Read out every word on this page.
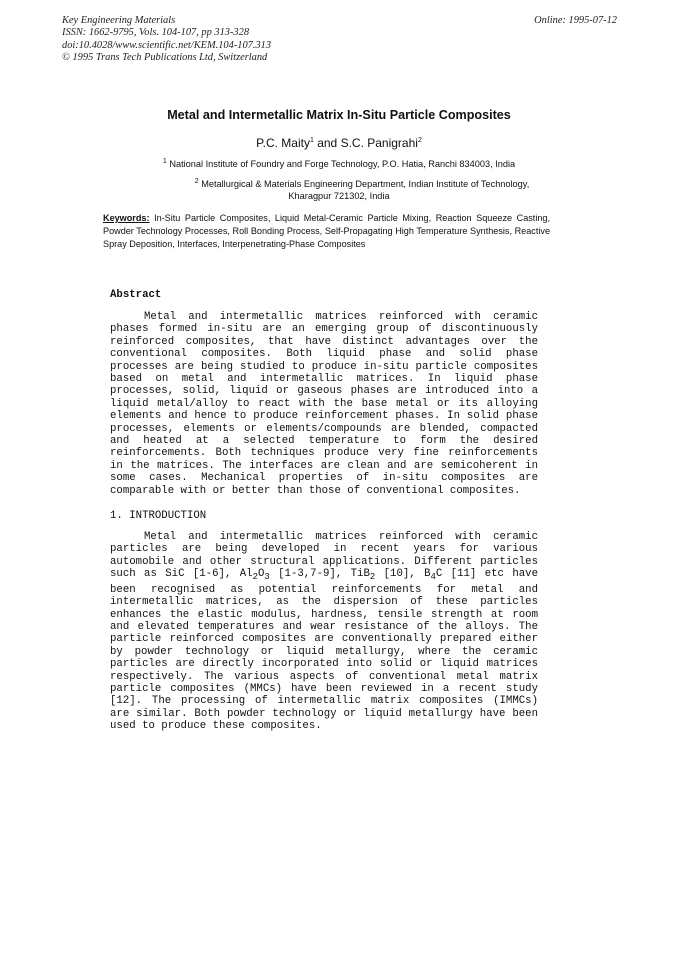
Key Engineering Materials
ISSN: 1662-9795, Vols. 104-107, pp 313-328
doi:10.4028/www.scientific.net/KEM.104-107.313
© 1995 Trans Tech Publications Ltd, Switzerland
Online: 1995-07-12
Metal and Intermetallic Matrix In-Situ Particle Composites
P.C. Maity$^1$ and S.C. Panigrahi$^2$
$^1$ National Institute of Foundry and Forge Technology, P.O. Hatia, Ranchi 834003, India
$^2$ Metallurgical & Materials Engineering Department, Indian Institute of Technology,
Kharagpur 721302, India
Keywords: In-Situ Particle Composites, Liquid Metal-Ceramic Particle Mixing, Reaction Squeeze Casting, Powder Technology Processes, Roll Bonding Process, Self-Propagating High Temperature Synthesis, Reactive Spray Deposition, Interfaces, Interpenetrating-Phase Composites
Abstract

Metal and intermetallic matrices reinforced with ceramic phases formed in-situ are an emerging group of discontinuously reinforced composites, that have distinct advantages over the conventional composites. Both liquid phase and solid phase processes are being studied to produce in-situ particle composites based on metal and intermetallic matrices. In liquid phase processes, solid, liquid or gaseous phases are introduced into a liquid metal/alloy to react with the base metal or its alloying elements and hence to produce reinforcement phases. In solid phase processes, elements or elements/compounds are blended, compacted and heated at a selected temperature to form the desired reinforcements. Both techniques produce very fine reinforcements in the matrices. The interfaces are clean and are semicoherent in some cases. Mechanical properties of in-situ composites are comparable with or better than those of conventional composites.

1. INTRODUCTION

Metal and intermetallic matrices reinforced with ceramic particles are being developed in recent years for various automobile and other structural applications. Different particles such as SiC [1-6], $Al_2O_3$ [1-3,7-9], TiB$_2$ [10], $B_4C$ [11] etc have been recognised as potential reinforcements for metal and intermetallic matrices, as the dispersion of these particles enhances the elastic modulus, hardness, tensile strength at room and elevated temperatures and wear resistance of the alloys. The particle reinforced composites are conventionally prepared either by powder technology or liquid metallurgy, where the ceramic particles are directly incorporated into solid or liquid matrices respectively. The various aspects of conventional metal matrix particle composites (MMCs) have been reviewed in a recent study [12]. The processing of intermetallic matrix composites (IMMCs) are similar. Both powder technology or liquid metallurgy have been used to produce these composites.
